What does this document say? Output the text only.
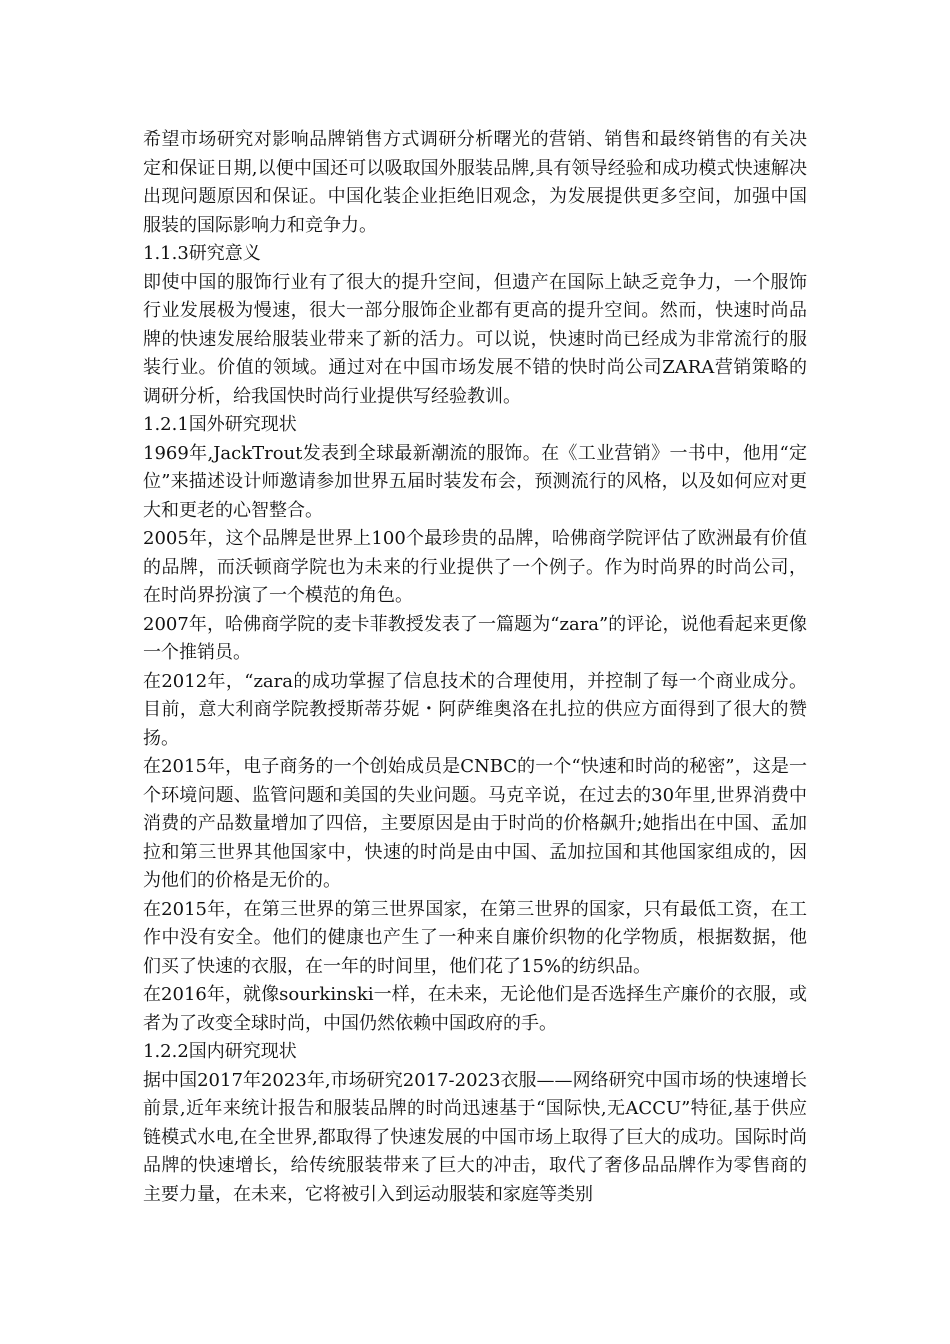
希望市场研究对影响品牌销售方式调研分析曙光的营销、销售和最终销售的有关决定和保证日期,以便中国还可以吸取国外服装品牌,具有领导经验和成功模式快速解决出现问题原因和保证。中国化装企业拒绝旧观念，为发展提供更多空间，加强中国服装的国际影响力和竞争力。

1.1.3研究意义

即使中国的服饰行业有了很大的提升空间，但遗产在国际上缺乏竞争力，一个服饰行业发展极为慢速，很大一部分服饰企业都有更高的提升空间。然而，快速时尚品牌的快速发展给服装业带来了新的活力。可以说，快速时尚已经成为非常流行的服装行业。价值的领域。通过对在中国市场发展不错的快时尚公司ZARA营销策略的调研分析，给我国快时尚行业提供写经验教训。

1.2.1国外研究现状

1969年,JackTrout发表到全球最新潮流的服饰。在《工业营销》一书中，他用“定位”来描述设计师邀请参加世界五届时装发布会，预测流行的风格，以及如何应对更大和更老的心智整合。

2005年，这个品牌是世界上100个最珍贵的品牌，哈佛商学院评估了欧洲最有价值的品牌，而沃顿商学院也为未来的行业提供了一个例子。作为时尚界的时尚公司，在时尚界扮演了一个模范的角色。

2007年，哈佛商学院的麦卡菲教授发表了一篇题为“zara”的评论，说他看起来更像一个推销员。

在2012年，“zara的成功掌握了信息技术的合理使用，并控制了每一个商业成分。目前，意大利商学院教授斯蒂芬妮・阿萨维奥洛在扎拉的供应方面得到了很大的赞扬。

在2015年，电子商务的一个创始成员是CNBC的一个“快速和时尚的秘密”，这是一个环境问题、监管问题和美国的失业问题。马克辛说，在过去的30年里,世界消费中消费的产品数量增加了四倍，主要原因是由于时尚的价格飙升;她指出在中国、孟加拉和第三世界其他国家中，快速的时尚是由中国、孟加拉国和其他国家组成的，因为他们的价格是无价的。

在2015年，在第三世界的第三世界国家，在第三世界的国家，只有最低工资，在工作中没有安全。他们的健康也产生了一种来自廉价织物的化学物质，根据数据，他们买了快速的衣服，在一年的时间里，他们花了15%的纺织品。

在2016年，就像sourkinski一样，在未来，无论他们是否选择生产廉价的衣服，或者为了改变全球时尚，中国仍然依赖中国政府的手。

1.2.2国内研究现状

据中国2017年2023年,市场研究2017-2023衣服——网络研究中国市场的快速增长前景,近年来统计报告和服装品牌的时尚迅速基于“国际快,无ACCU”特征,基于供应链模式水电,在全世界,都取得了快速发展的中国市场上取得了巨大的成功。国际时尚品牌的快速增长，给传统服装带来了巨大的冲击，取代了奢侈品品牌作为零售商的主要力量，在未来，它将被引入到运动服装和家庭等类别
